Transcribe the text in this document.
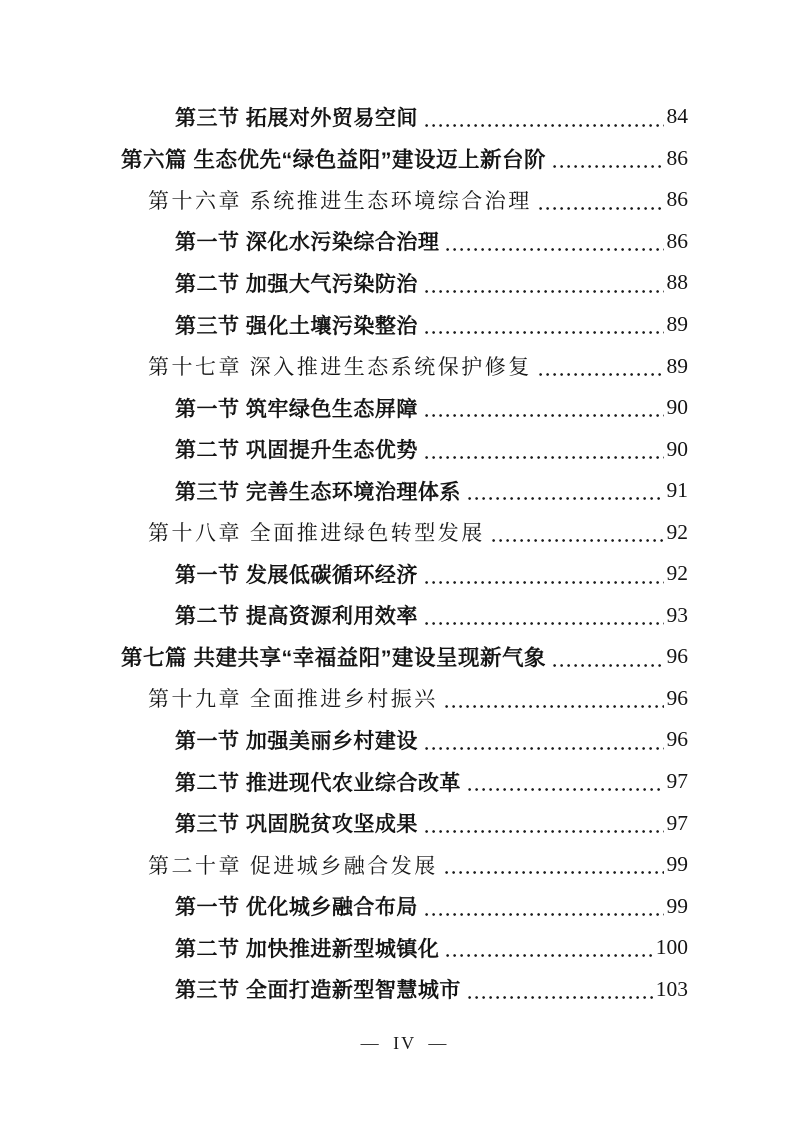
第三节 拓展对外贸易空间	84
第六篇 生态优先“绿色益阳”建设迈上新台阶	86
第十六章 系统推进生态环境综合治理	86
第一节 深化水污染综合治理	86
第二节 加强大气污染防治	88
第三节 强化土壤污染整治	89
第十七章 深入推进生态系统保护修复	89
第一节 筑牢绿色生态屏障	90
第二节 巩固提升生态优势	90
第三节 完善生态环境治理体系	91
第十八章 全面推进绿色转型发展	92
第一节 发展低碳循环经济	92
第二节 提高资源利用效率	93
第七篇 共建共享“幸福益阳”建设呈现新气象	96
第十九章 全面推进乡村振兴	96
第一节 加强美丽乡村建设	96
第二节 推进现代农业综合改革	97
第三节 巩固脱贫攻坚成果	97
第二十章 促进城乡融合发展	99
第一节 优化城乡融合布局	99
第二节 加快推进新型城镇化	100
第三节 全面打造新型智慧城市	103
— IV —
